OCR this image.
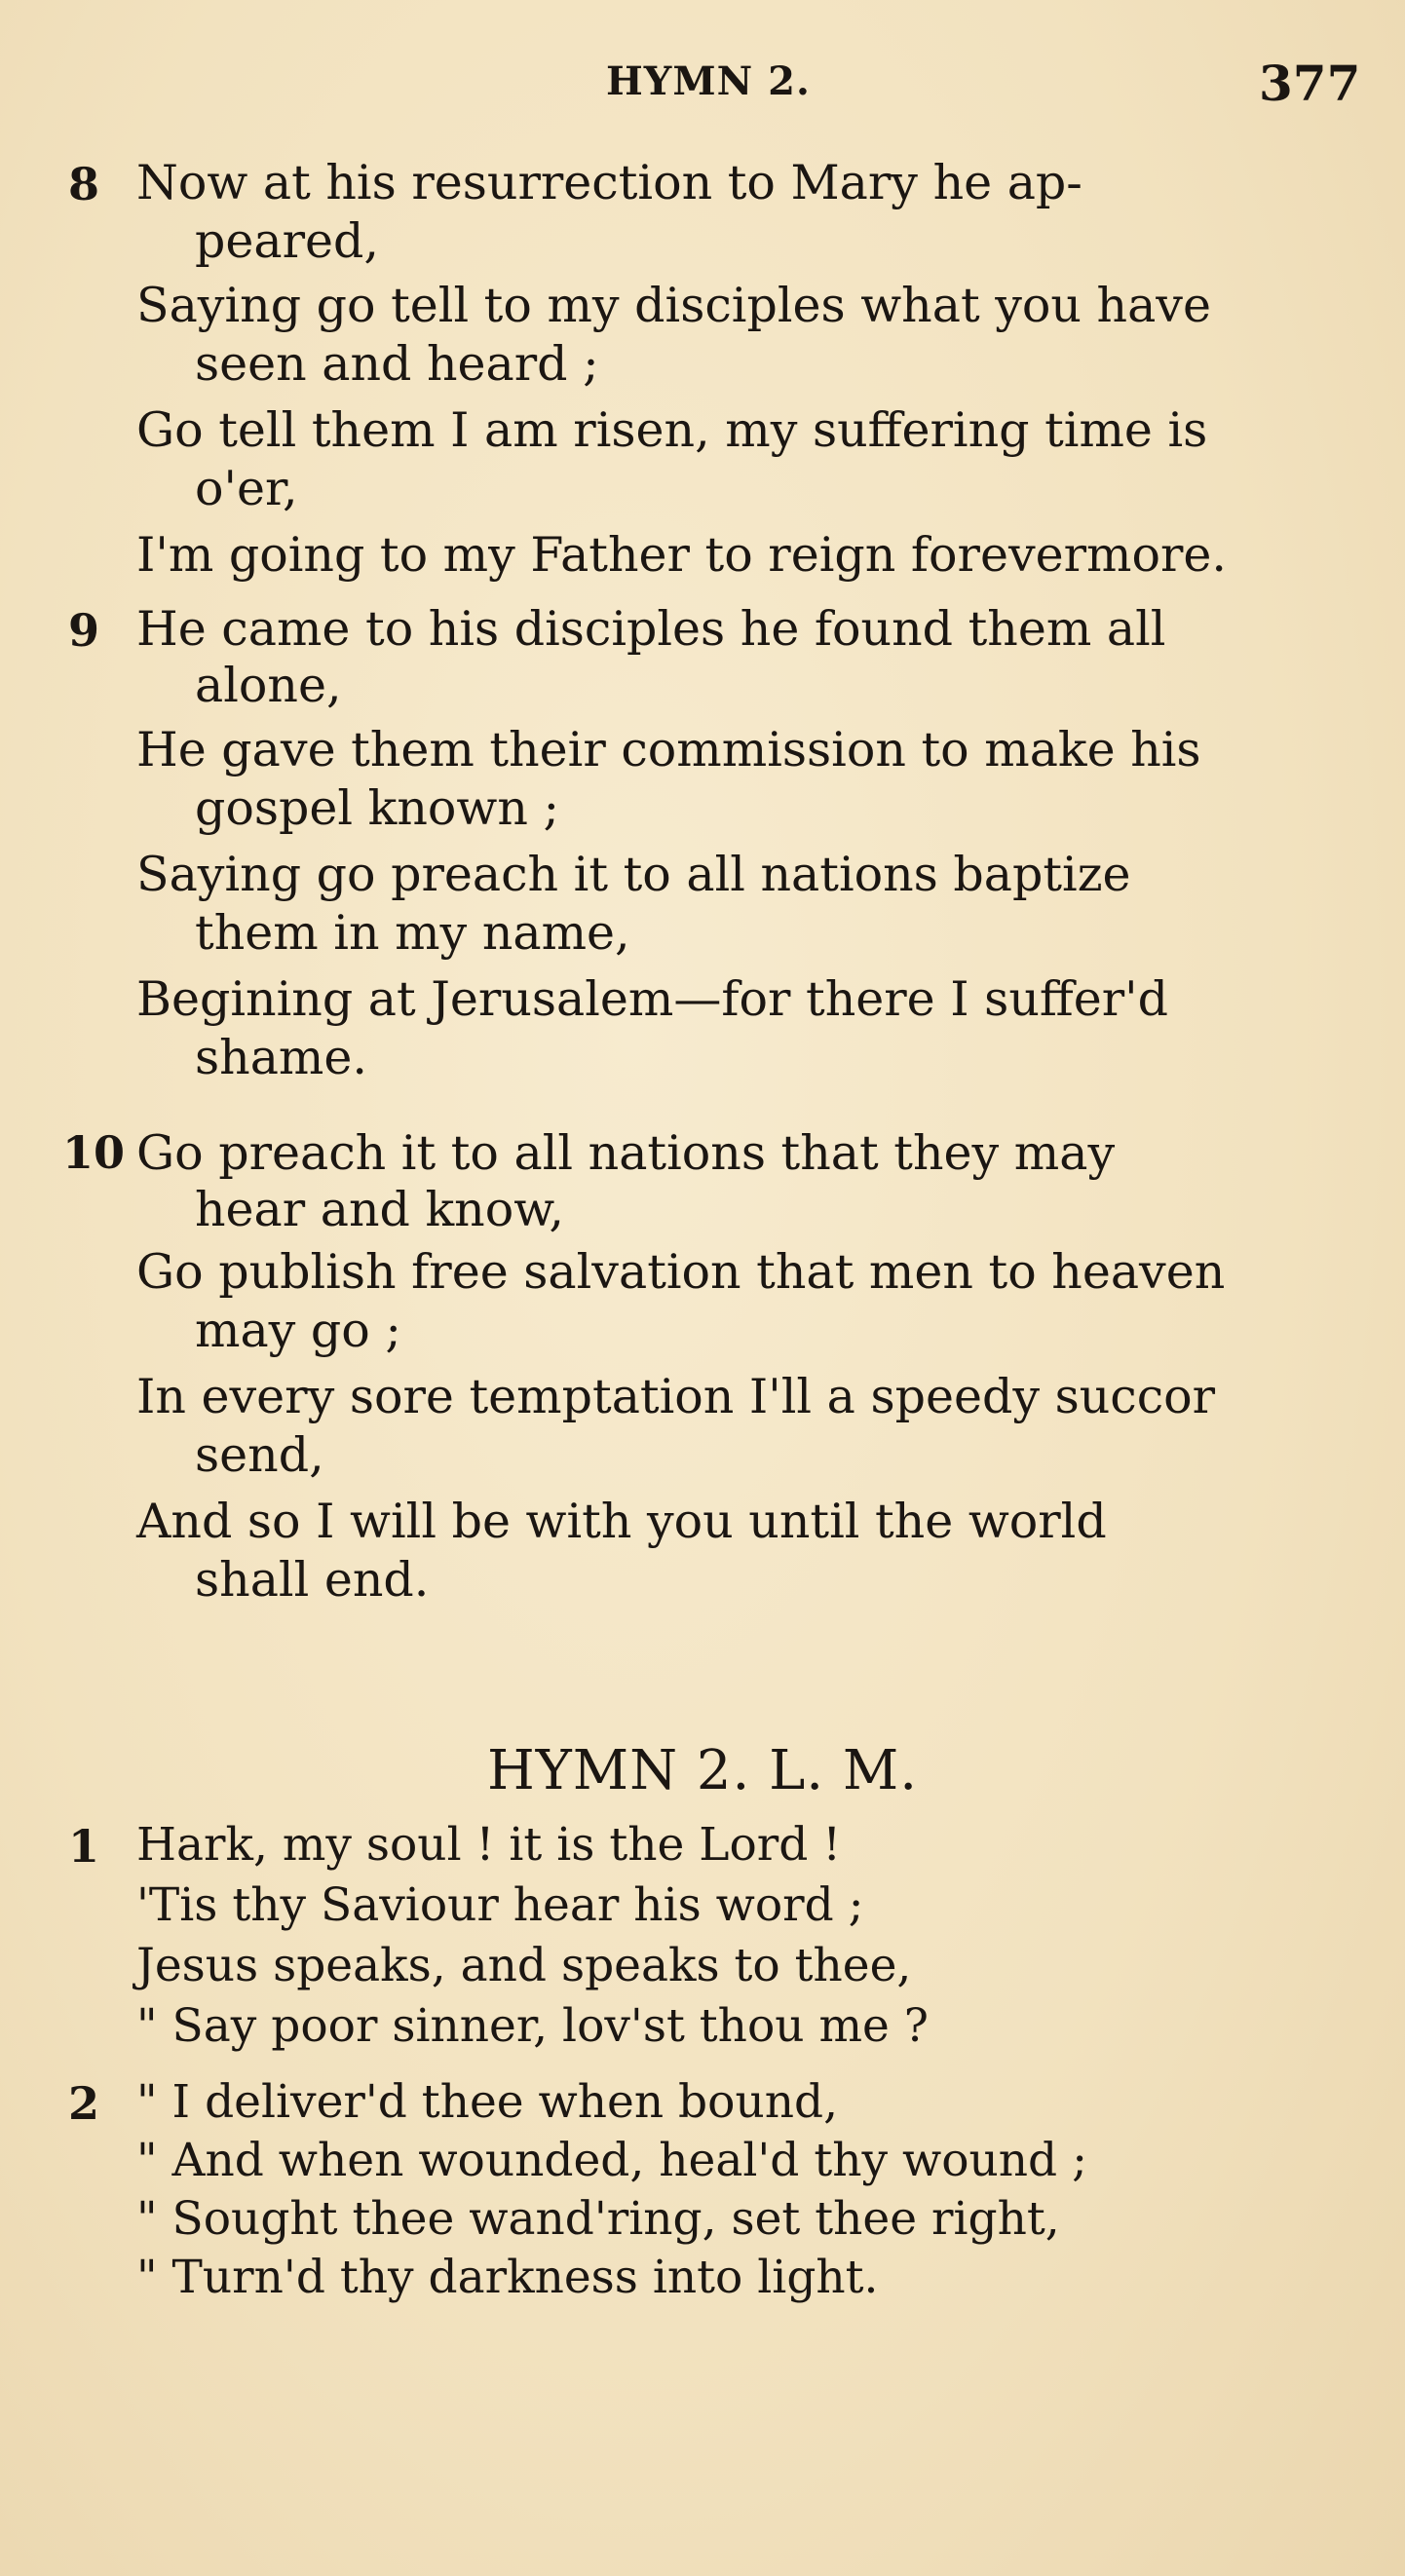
HYMN 2.	377
8 Now at his resurrection to Mary he ap-
peared,
Saying go tell to my disciples what you have
seen and heard ;
Go tell them I am risen, my suffering time is
o'er,
I'm going to my Father to reign forevermore.
9 He came to his disciples he found them all
alone,
He gave them their commission to make his
gospel known ;
Saying go preach it to all nations baptize
them in my name,
Begining at Jerusalem—for there I suffer'd
shame.
10 Go preach it to all nations that they may
hear and know,
Go publish free salvation that men to heaven
may go ;
In every sore temptation I'll a speedy succor
send,
And so I will be with you until the world
shall end.
HYMN 2. L. M.
1 Hark, my soul ! it is the Lord !
'Tis thy Saviour hear his word ;
Jesus speaks, and speaks to thee,
" Say poor sinner, lov'st thou me ?
2 " I deliver'd thee when bound,
" And when wounded, heal'd thy wound ;
" Sought thee wand'ring, set thee right,
" Turn'd thy darkness into light.
